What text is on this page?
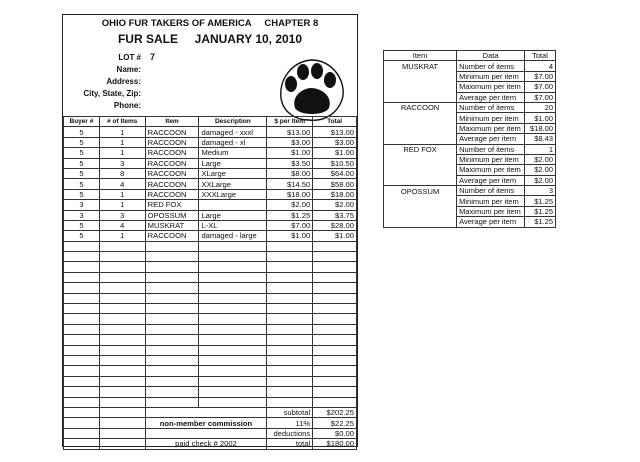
OHIO FUR TAKERS OF AMERICA     CHAPTER 8
FUR SALE     JANUARY 10, 2010
LOT # 7
Name:
Address:
City, State, Zip:
Phone:
Buyer #	# of Items	Item	Description	$ per Item	Total
5	1	RACCOON	damaged - xxxl	$13.00	$13.00
5	1	RACCOON	damaged - xl	$3.00	$3.00
5	1	RACCOON	Medium	$1.00	$1.00
5	3	RACCOON	Large	$3.50	$10.50
5	8	RACCOON	XLarge	$8.00	$64.00
5	4	RACCOON	XXLarge	$14.50	$58.00
5	1	RACCOON	XXXLarge	$18.00	$18.00
3	1	RED FOX		$2.00	$2.00
3	3	OPOSSUM	Large	$1.25	$3.75
5	4	MUSKRAT	L-XL	$7.00	$28.00
5	1	RACCOON	damaged - large	$1.00	$1.00

				subtotal	$202.25
		non-member commission		11%	$22.25
				deductions	$0.00
		paid check # 2002		total	$180.00
Item	Data	Total
MUSKRAT	Number of items	4
	Minimum per item	$7.00
	Maximum per item	$7.00
	Average per item	$7.00
RACCOON	Number of items	20
	Minimum per item	$1.00
	Maximum per item	$18.00
	Average per item	$8.43
RED FOX	Number of items	1
	Minimum per item	$2.00
	Maximum per item	$2.00
	Average per item	$2.00
OPOSSUM	Number of items	3
	Minimum per item	$1.25
	Maximum per item	$1.25
	Average per item	$1.25
